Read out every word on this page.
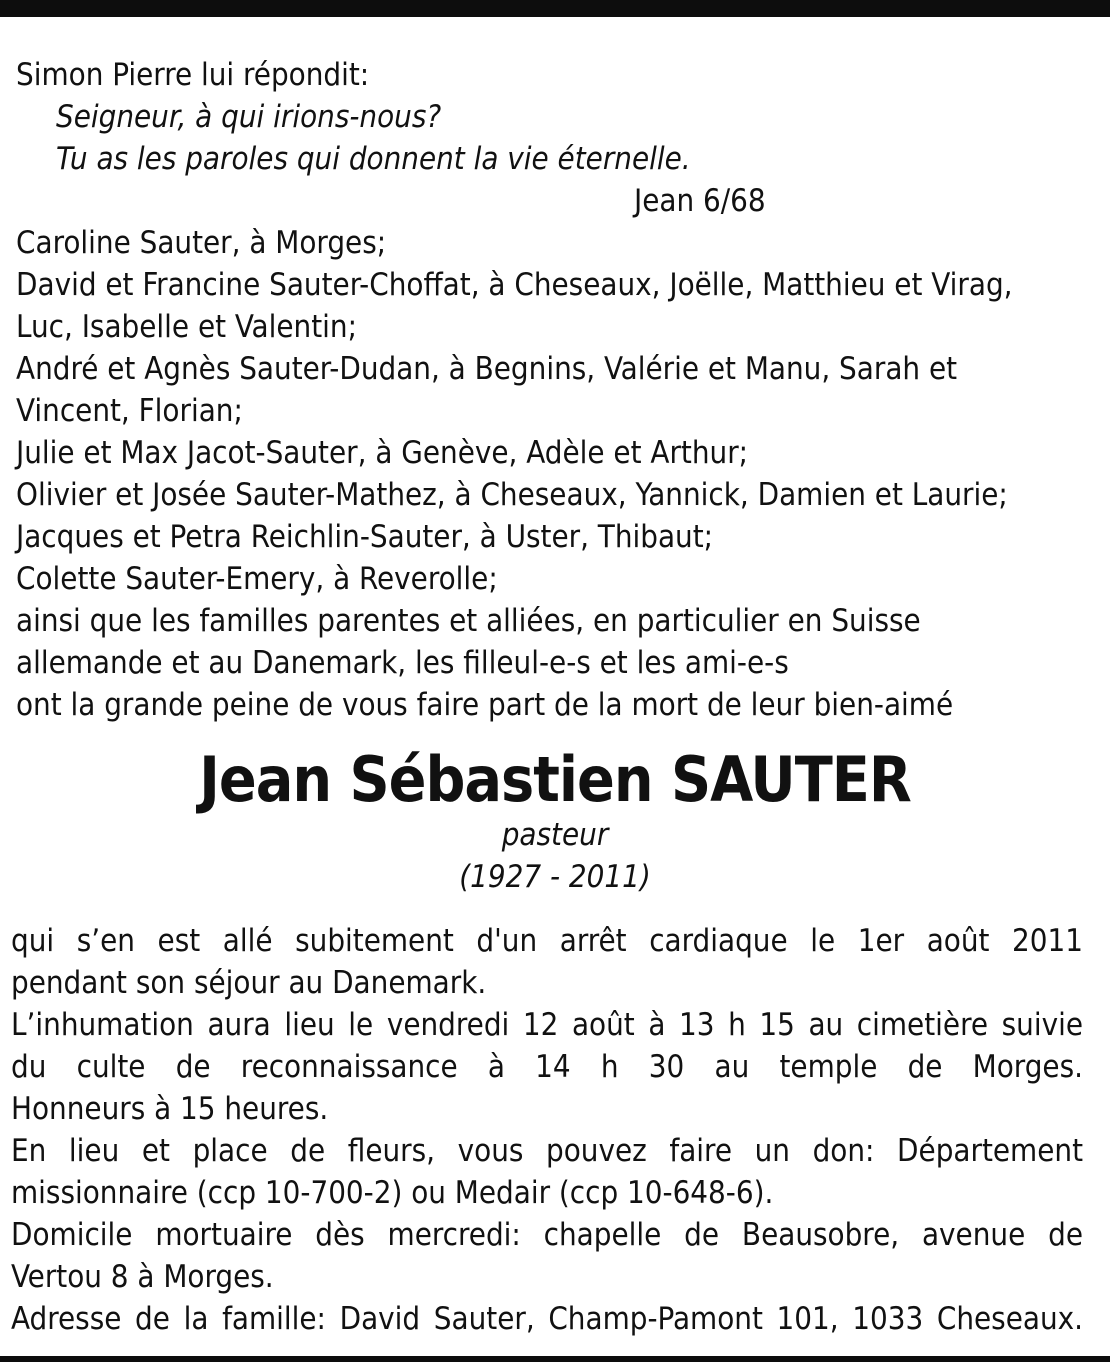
Simon Pierre lui répondit:
Seigneur, à qui irions-nous?
Tu as les paroles qui donnent la vie éternelle.
Jean 6/68
Caroline Sauter, à Morges;
David et Francine Sauter-Choffat, à Cheseaux, Joëlle, Matthieu et Virag,
Luc, Isabelle et Valentin;
André et Agnès Sauter-Dudan, à Begnins, Valérie et Manu, Sarah et
Vincent, Florian;
Julie et Max Jacot-Sauter, à Genève, Adèle et Arthur;
Olivier et Josée Sauter-Mathez, à Cheseaux, Yannick, Damien et Laurie;
Jacques et Petra Reichlin-Sauter, à Uster, Thibaut;
Colette Sauter-Emery, à Reverolle;
ainsi que les familles parentes et alliées, en particulier en Suisse
allemande et au Danemark, les filleul-e-s et les ami-e-s
ont la grande peine de vous faire part de la mort de leur bien-aimé
Jean Sébastien SAUTER
pasteur
(1927 - 2011)
qui s’en est allé subitement d'un arrêt cardiaque le 1er août 2011
pendant son séjour au Danemark.
L’inhumation aura lieu le vendredi 12 août à 13 h 15 au cimetière suivie
du culte de reconnaissance à 14 h 30 au temple de Morges.
Honneurs à 15 heures.
En lieu et place de fleurs, vous pouvez faire un don: Département
missionnaire (ccp 10-700-2) ou Medair (ccp 10-648-6).
Domicile mortuaire dès mercredi: chapelle de Beausobre, avenue de
Vertou 8 à Morges.
Adresse de la famille: David Sauter, Champ-Pamont 101, 1033 Cheseaux.
